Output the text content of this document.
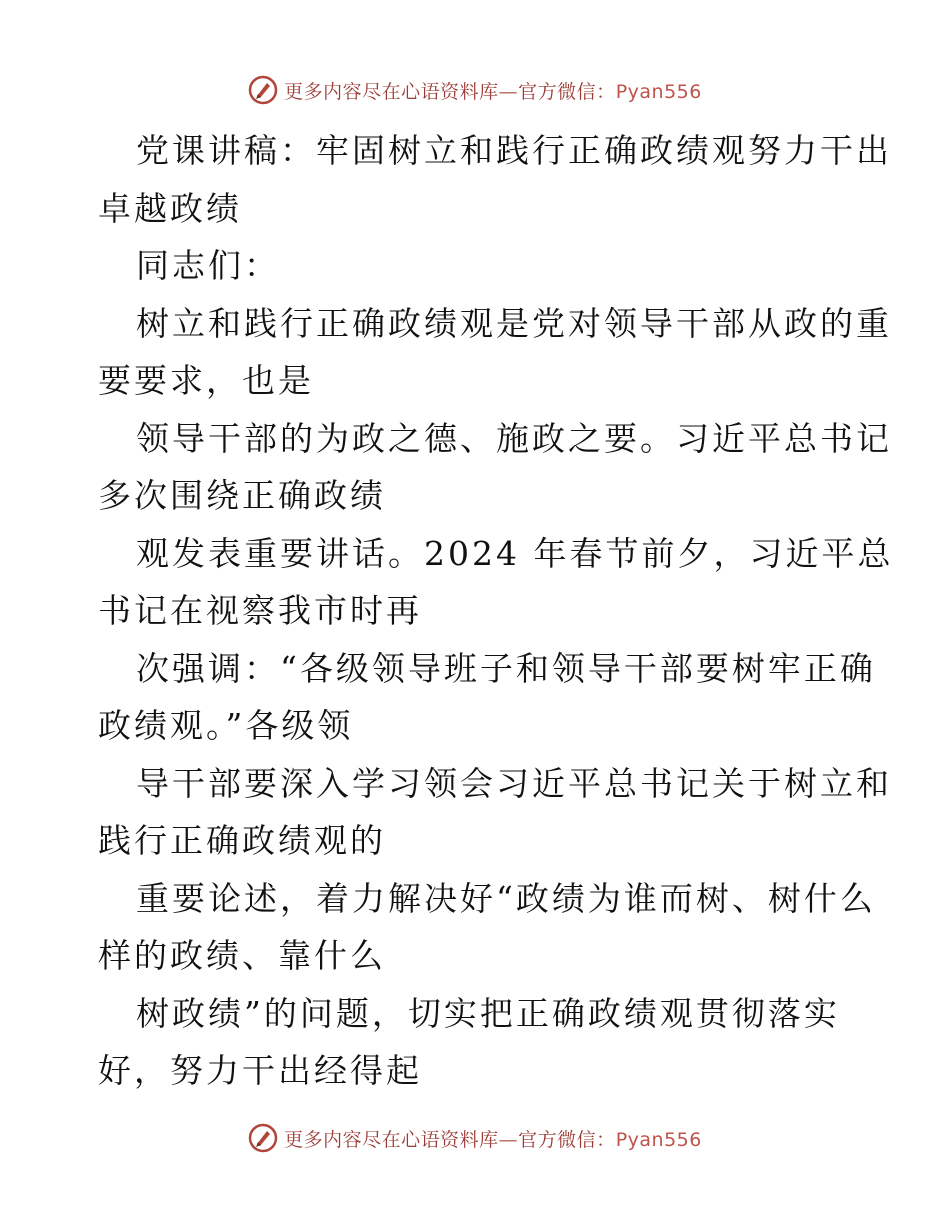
更多内容尽在心语资料库—官方微信：Pyan556
党课讲稿：牢固树立和践行正确政绩观努力干出
卓越政绩
同志们：
树立和践行正确政绩观是党对领导干部从政的重
要要求，也是
领导干部的为政之德、施政之要。习近平总书记
多次围绕正确政绩
观发表重要讲话。2024 年春节前夕，习近平总
书记在视察我市时再
次强调：“各级领导班子和领导干部要树牢正确
政绩观。”各级领
导干部要深入学习领会习近平总书记关于树立和
践行正确政绩观的
重要论述，着力解决好“政绩为谁而树、树什么
样的政绩、靠什么
树政绩”的问题，切实把正确政绩观贯彻落实
好，努力干出经得起
更多内容尽在心语资料库—官方微信：Pyan556
